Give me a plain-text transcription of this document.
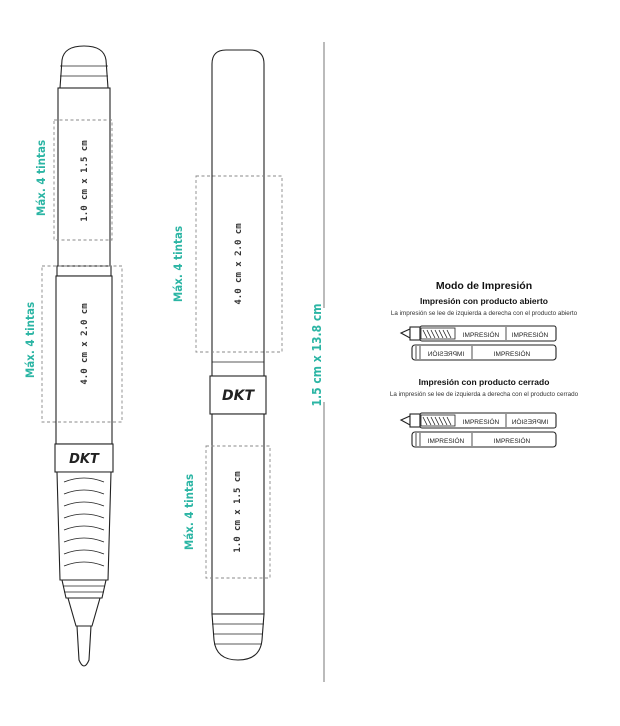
DKT
1.0 cm x 1.5 cm
4.0 cm x 2.0 cm
Máx. 4 tintas
Máx. 4 tintas
DKT
4.0 cm x 2.0 cm
1.0 cm x 1.5 cm
Máx. 4 tintas
Máx. 4 tintas
1.5 cm x 13.8 cm
Modo de Impresión
Impresión con producto abierto
La impresión se lee de izquierda a derecha con el producto abierto
IMPRESIÓN IMPRESIÓN
IMPRESIÓN	IMPRESIÓN
Impresión con producto cerrado
La impresión se lee de izquierda a derecha con el producto cerrado
IMPRESIÓN IMPRESIÓN
IMPRESIÓN	IMPRESIÓN
